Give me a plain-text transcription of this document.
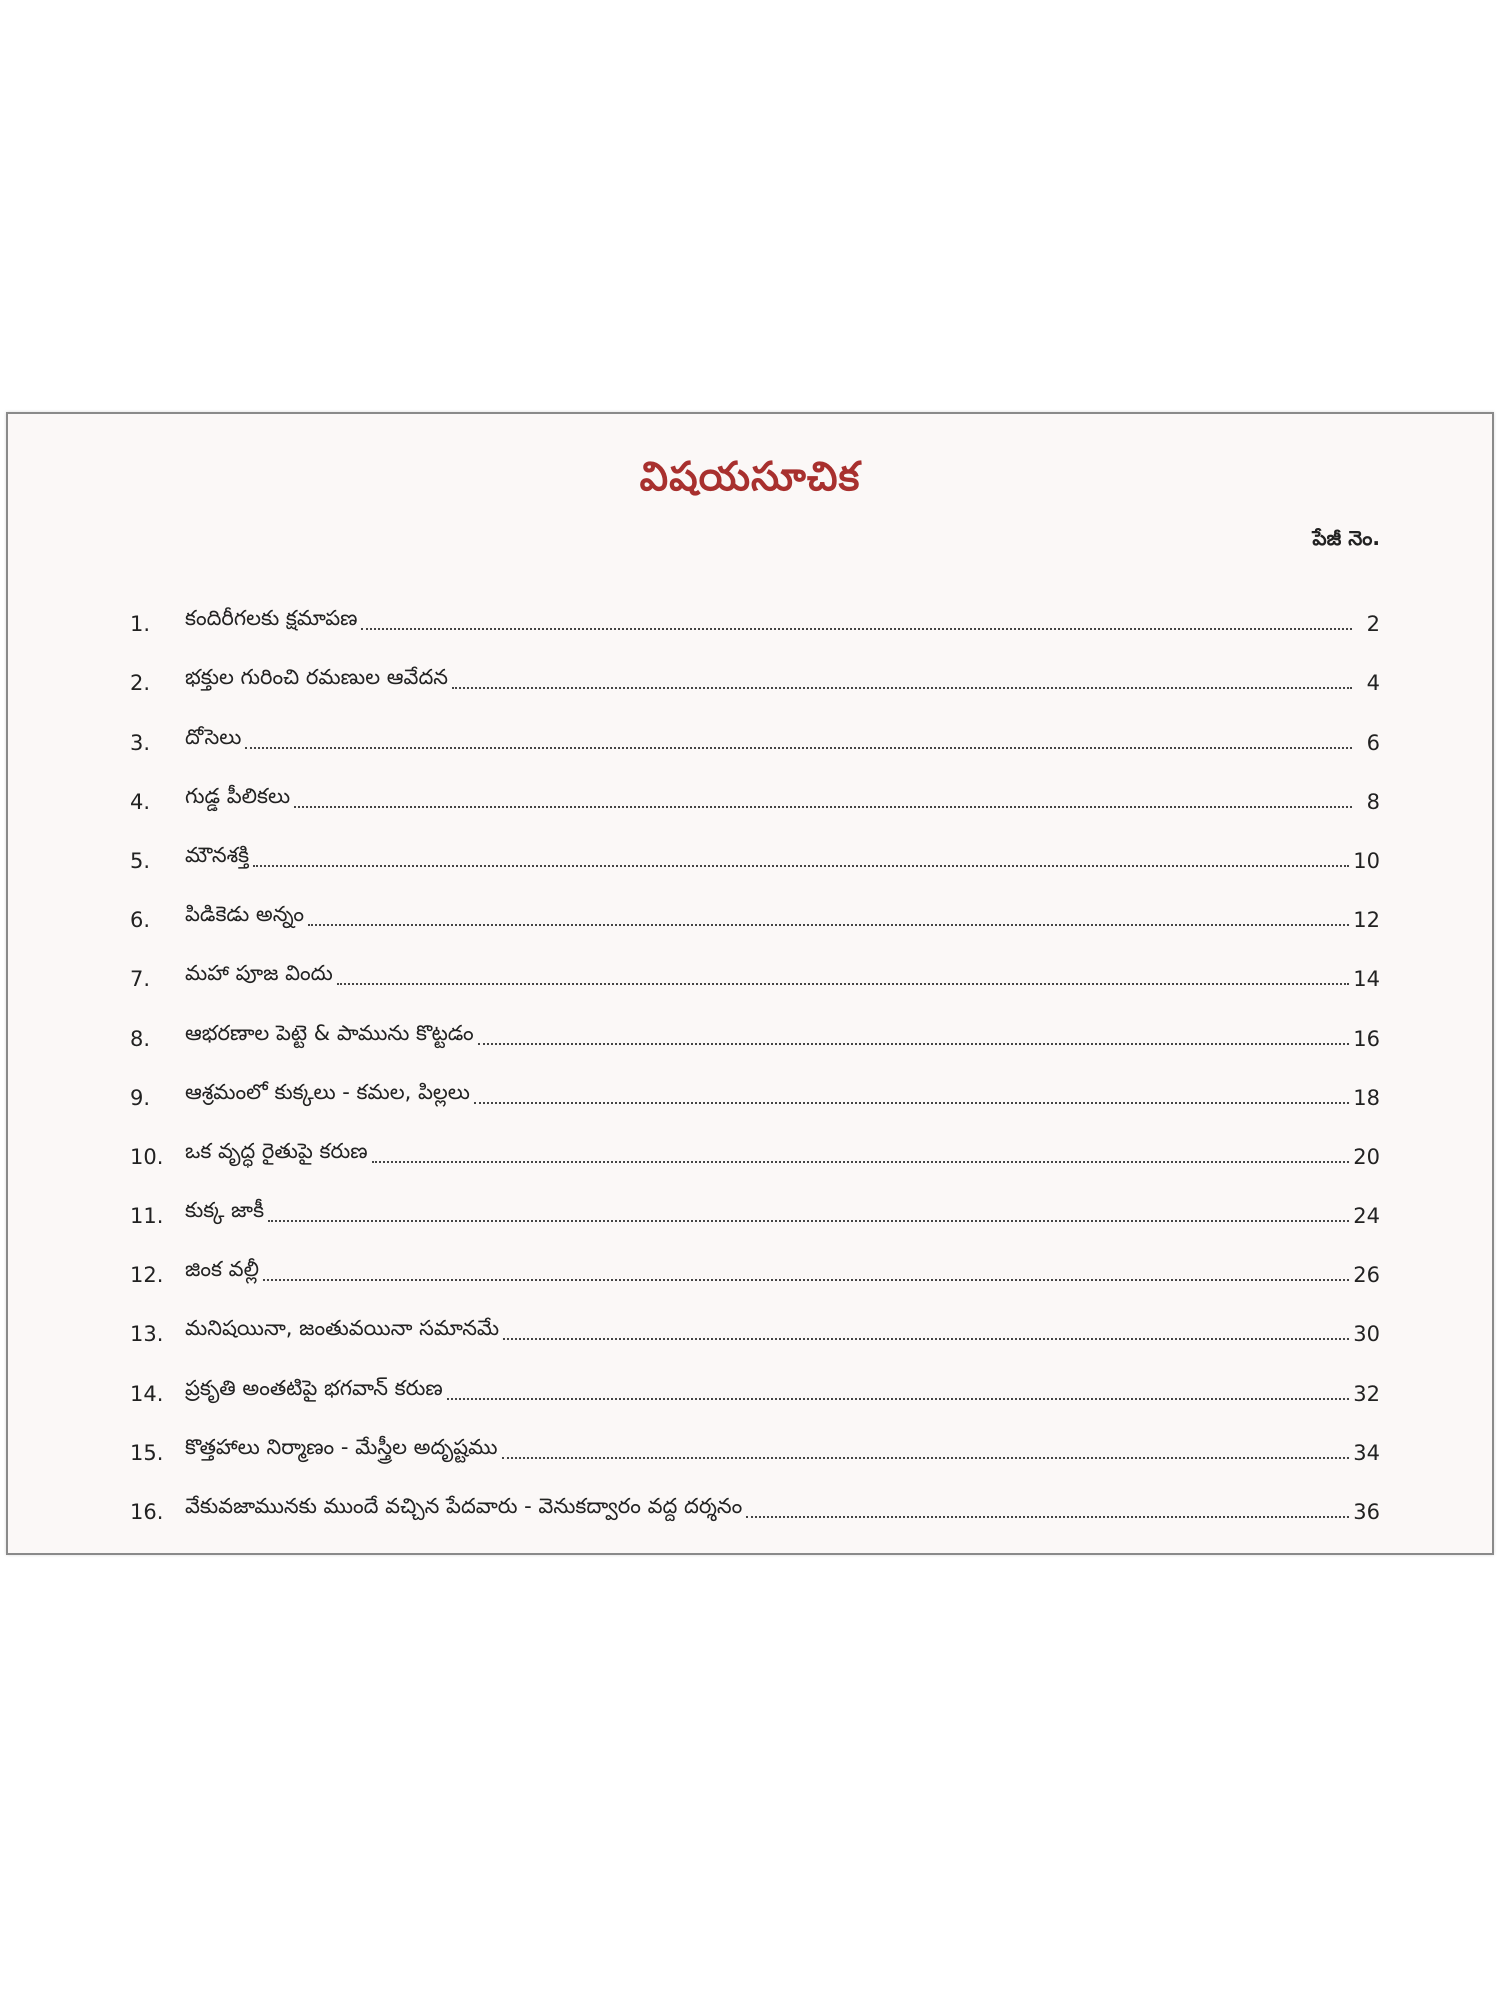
విషయసూచిక
పేజీ నెం.
1.	కందిరీగలకు క్షమాపణ	2
2.	భక్తుల గురించి రమణుల ఆవేదన	4
3.	దోసెలు	6
4.	గుడ్డ పీలికలు	8
5.	మౌనశక్తి	10
6.	పిడికెడు అన్నం	12
7.	మహా పూజ విందు	14
8.	ఆభరణాల పెట్టె & పామును కొట్టడం	16
9.	ఆశ్రమంలో కుక్కలు - కమల, పిల్లలు	18
10.	ఒక వృద్ధ రైతుపై కరుణ	20
11.	కుక్క జాకీ	24
12.	జింక వల్లీ	26
13.	మనిషయినా, జంతువయినా సమానమే	30
14.	ప్రకృతి అంతటిపై భగవాన్ కరుణ	32
15.	కొత్తహాలు నిర్మాణం - మేస్త్రీల అదృష్టము	34
16.	వేకువజామునకు ముందే వచ్చిన పేదవారు - వెనుకద్వారం వద్ద దర్శనం	36
